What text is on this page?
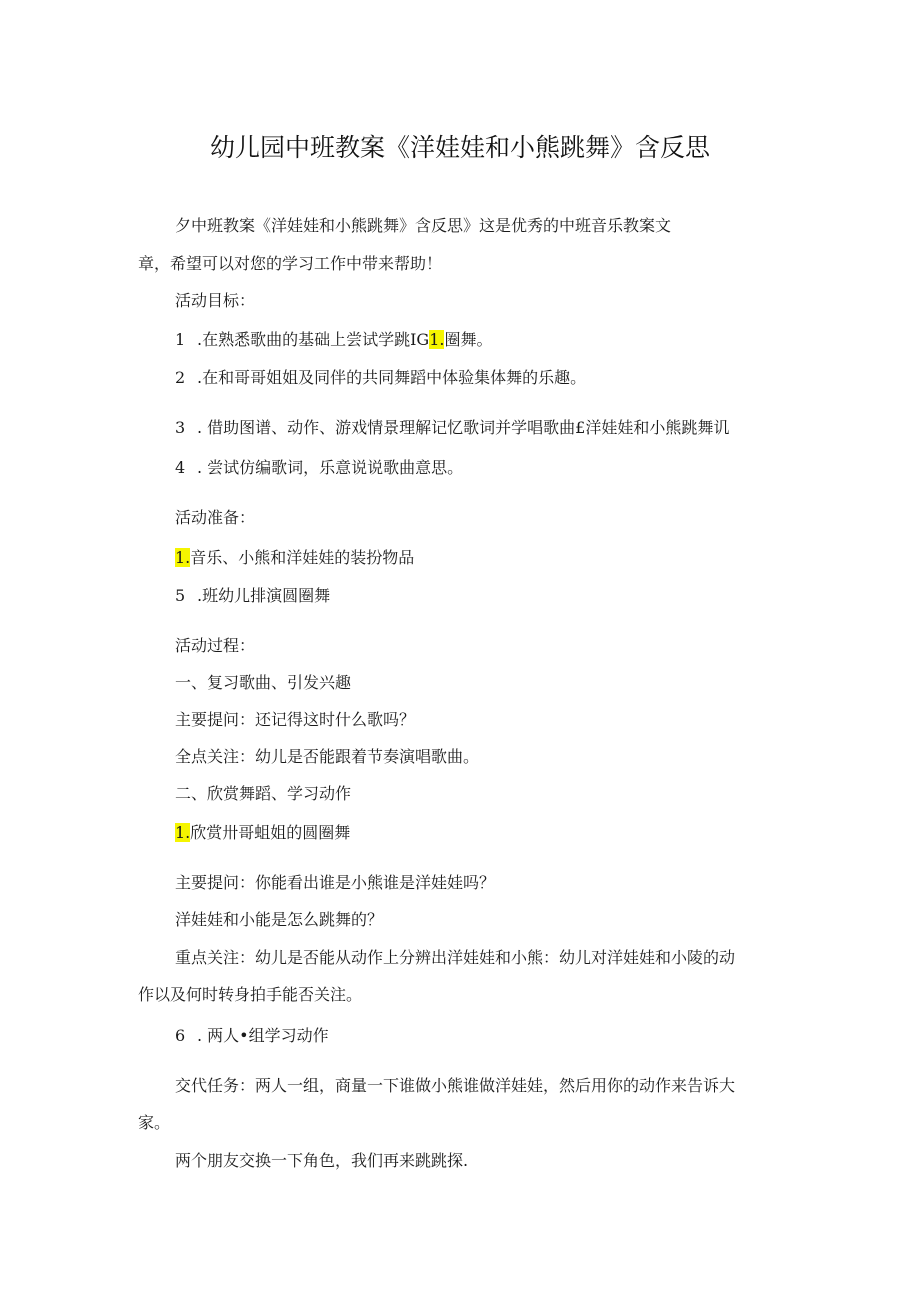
幼儿园中班教案《洋娃娃和小熊跳舞》含反思
夕中班教案《洋娃娃和小熊跳舞》含反思》这是优秀的中班音乐教案文
章，希望可以对您的学习工作中带来帮助！
活动目标：
1 .在熟悉歌曲的基础上尝试学跳IG1.圈舞。
2 .在和哥哥姐姐及同伴的共同舞蹈中体验集体舞的乐趣。
3 . 借助图谱、动作、游戏情景理解记忆歌词并学唱歌曲£洋娃娃和小熊跳舞讥
4 . 尝试仿编歌词，乐意说说歌曲意思。
活动准备：
1.音乐、小熊和洋娃娃的装扮物品
5 .班幼儿排演圆圈舞
活动过程：
一、复习歌曲、引发兴趣
主要提问：还记得这时什么歌吗？
全点关注：幼儿是否能跟着节奏演唱歌曲。
二、欣赏舞蹈、学习动作
1.欣赏卅哥蛆姐的圆圈舞
主要提问：你能看出谁是小熊谁是洋娃娃吗？
洋娃娃和小能是怎么跳舞的？
重点关注：幼儿是否能从动作上分辨出洋娃娃和小熊：幼儿对洋娃娃和小陵的动
作以及何时转身拍手能否关注。
6 . 两人•组学习动作
交代任务：两人一组，商量一下谁做小熊谁做洋娃娃，然后用你的动作来告诉大
家。
两个朋友交换一下角色，我们再来跳跳探.
